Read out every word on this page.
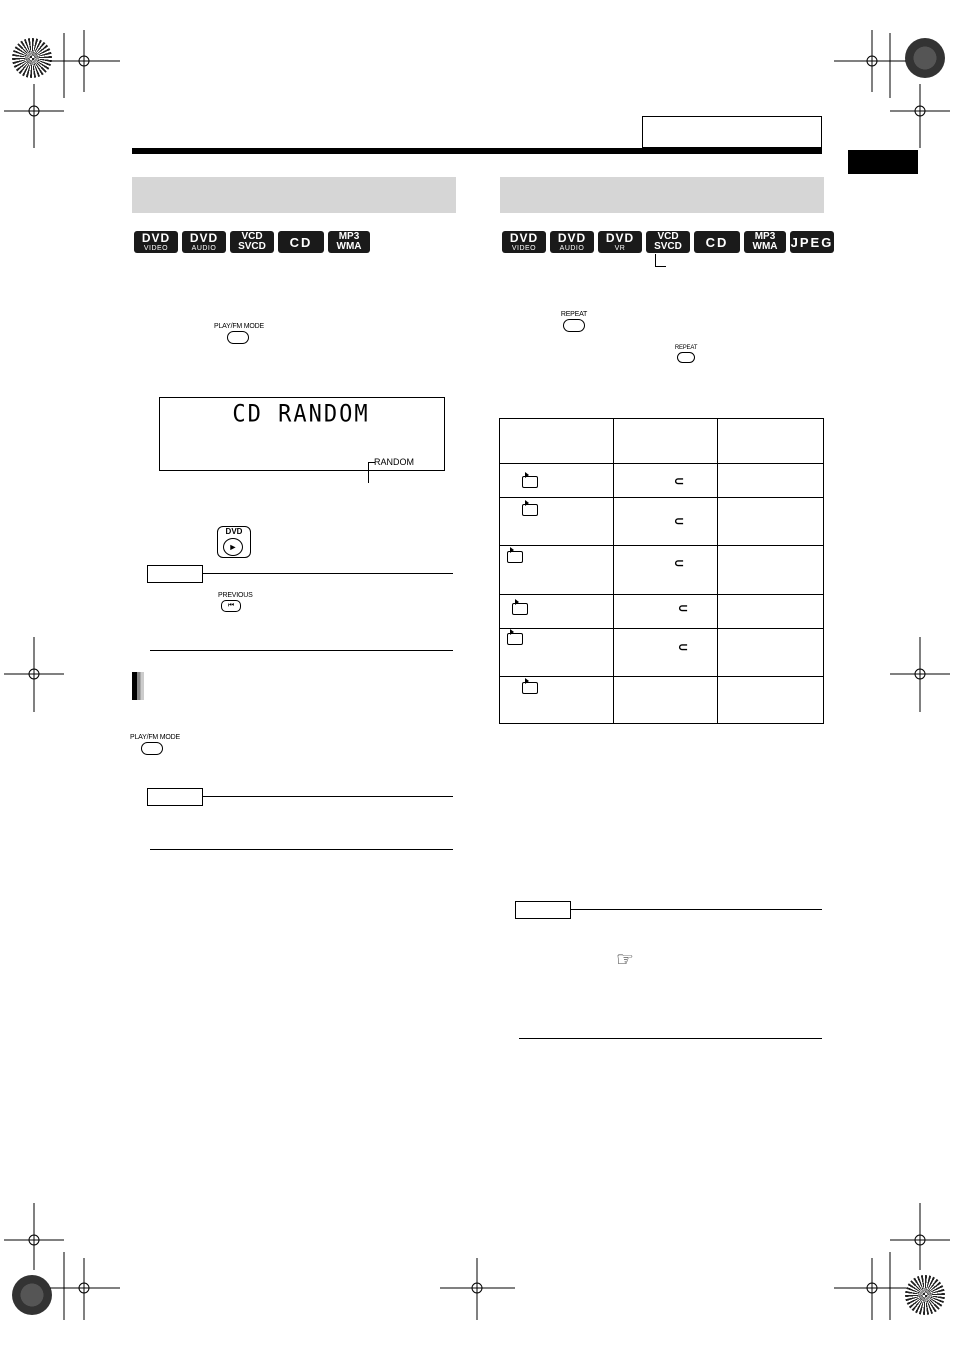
DVD
VIDEO
DVD
AUDIO
VCD
SVCD CD	MP3
WMA
DVD
VIDEO
DVD
AUDIO
DVD
VR
VCD
SVCD CD	MP3
WMA JPEG
PLAY/FM MODE
CD RANDOM
RANDOM
DVD
►
PREVIOUS
⏮
PLAY/FM MODE
REPEAT
REPEAT
⊂
⊂
⊂
⊂
⊂
☞
